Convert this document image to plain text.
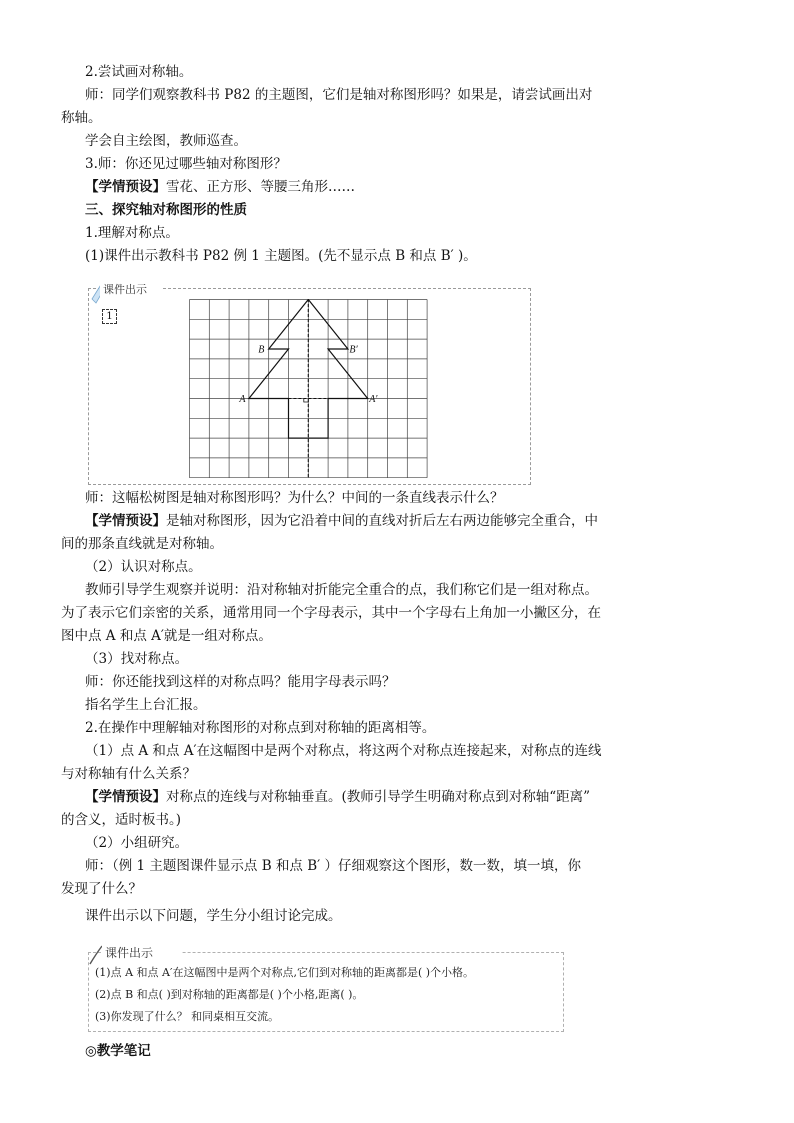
2.尝试画对称轴。
师：同学们观察教科书 P82 的主题图，它们是轴对称图形吗？如果是，请尝试画出对
称轴。
学会自主绘图，教师巡查。
3.师：你还见过哪些轴对称图形？
【学情预设】雪花、正方形、等腰三角形……
三、探究轴对称图形的性质
1.理解对称点。
(1)课件出示教科书 P82 例 1 主题图。(先不显示点 B 和点 B′ )。
课件出示
1
A	A′
B	B′
师：这幅松树图是轴对称图形吗？为什么？中间的一条直线表示什么？
【学情预设】是轴对称图形，因为它沿着中间的直线对折后左右两边能够完全重合，中
间的那条直线就是对称轴。
（2）认识对称点。
教师引导学生观察并说明：沿对称轴对折能完全重合的点，我们称它们是一组对称点。
为了表示它们亲密的关系，通常用同一个字母表示，其中一个字母右上角加一小撇区分，在
图中点 A 和点 A′就是一组对称点。
（3）找对称点。
师：你还能找到这样的对称点吗？能用字母表示吗？
指名学生上台汇报。
2.在操作中理解轴对称图形的对称点到对称轴的距离相等。
（1）点 A 和点 A′在这幅图中是两个对称点，将这两个对称点连接起来，对称点的连线
与对称轴有什么关系？
【学情预设】对称点的连线与对称轴垂直。(教师引导学生明确对称点到对称轴“距离”
的含义，适时板书。)
（2）小组研究。
师：（例 1 主题图课件显示点 B 和点 B′ ）仔细观察这个图形，数一数，填一填，你
发现了什么？
课件出示以下问题，学生分小组讨论完成。
课件出示
(1)点 A 和点 A′在这幅图中是两个对称点,它们到对称轴的距离都是( )个小格。
(2)点 B 和点( )到对称轴的距离都是( )个小格,距离( )。
(3)你发现了什么？ 和同桌相互交流。
◎教学笔记
